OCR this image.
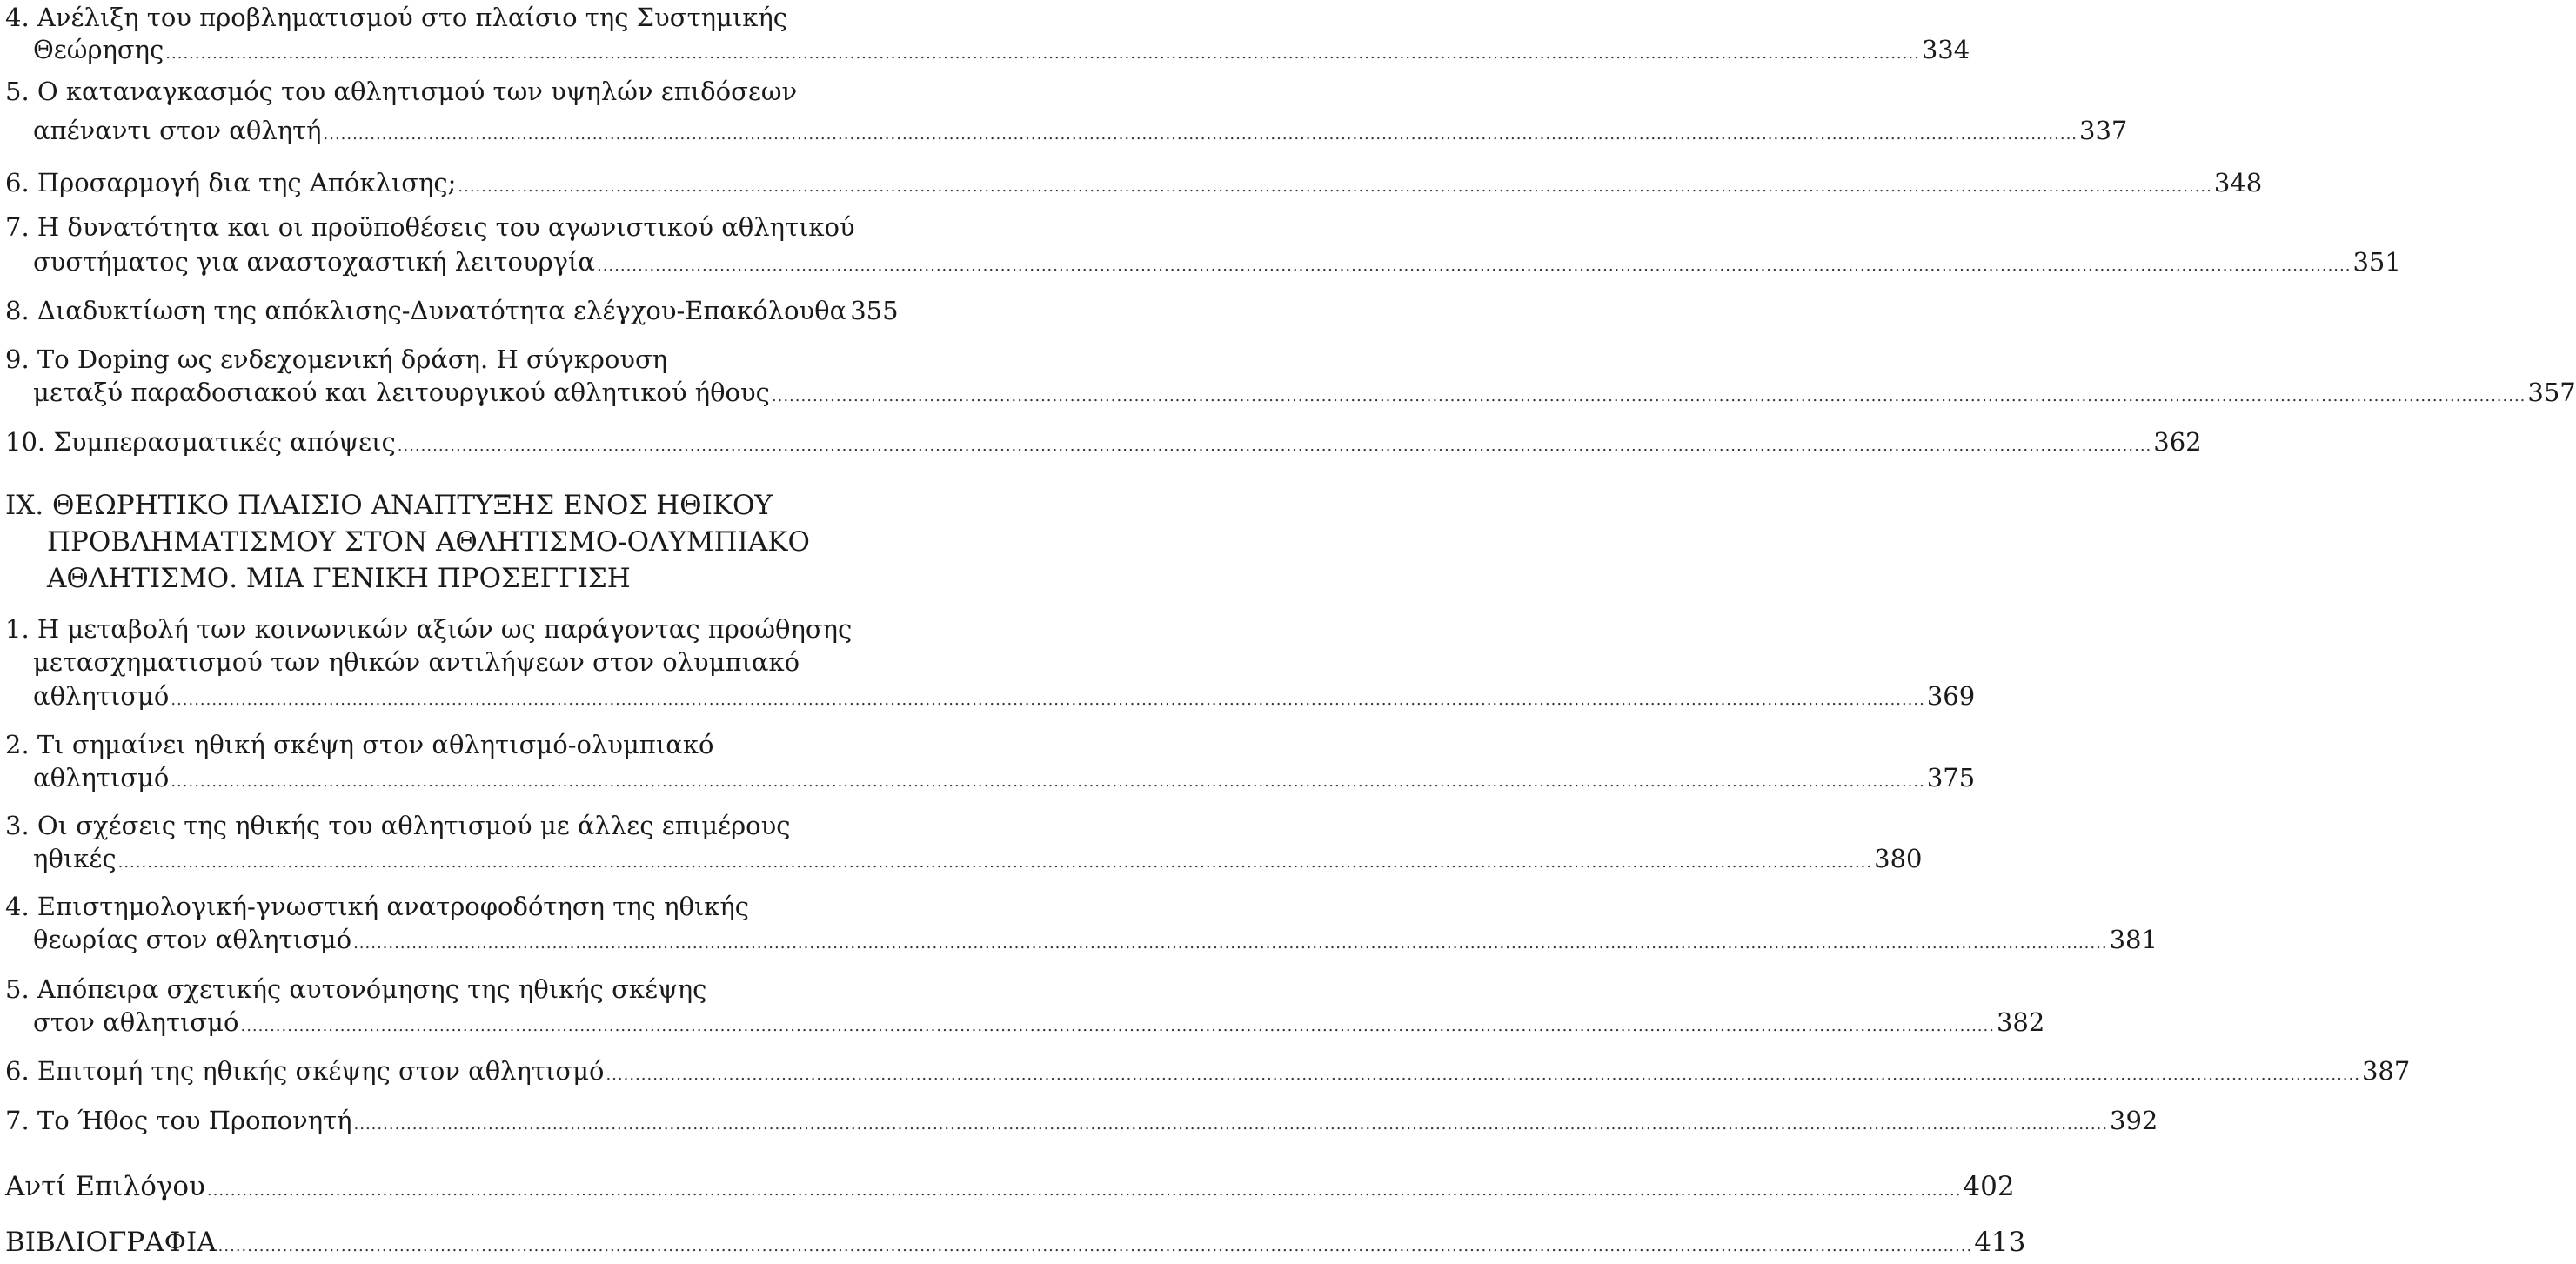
4. Ανέλιξη του προβληματισμού στο πλαίσιο της Συστημικής
Θεώρησης .....	334
5. Ο καταναγκασμός του αθλητισμού των υψηλών επιδόσεων
απέναντι στον αθλητή .....	337
6. Προσαρμογή δια της Απόκλισης; .....	348
7. Η δυνατότητα και οι προϋποθέσεις του αγωνιστικού αθλητικού
συστήματος για αναστοχαστική λειτουργία .....	351
8. Διαδυκτίωση της απόκλισης-Δυνατότητα ελέγχου-Επακόλουθα 355
9. Το Doping ως ενδεχομενική δράση. Η σύγκρουση
μεταξύ παραδοσιακού και λειτουργικού αθλητικού ήθους .....	357
10. Συμπερασματικές απόψεις .....	362
IX. ΘΕΩΡΗΤΙΚΟ ΠΛΑΙΣΙΟ ΑΝΑΠΤΥΞΗΣ ΕΝΟΣ ΗΘΙΚΟΥ
ΠΡΟΒΛΗΜΑΤΙΣΜΟΥ ΣΤΟΝ ΑΘΛΗΤΙΣΜΟ-ΟΛΥΜΠΙΑΚΟ
ΑΘΛΗΤΙΣΜΟ. ΜΙΑ ΓΕΝΙΚΗ ΠΡΟΣΕΓΓΙΣΗ
1. Η μεταβολή των κοινωνικών αξιών ως παράγοντας προώθησης
μετασχηματισμού των ηθικών αντιλήψεων στον ολυμπιακό
αθλητισμό .....	369
2. Τι σημαίνει ηθική σκέψη στον αθλητισμό-ολυμπιακό
αθλητισμό .....	375
3. Οι σχέσεις της ηθικής του αθλητισμού με άλλες επιμέρους
ηθικές .....	380
4. Επιστημολογική-γνωστική ανατροφοδότηση της ηθικής
θεωρίας στον αθλητισμό .....	381
5. Απόπειρα σχετικής αυτονόμησης της ηθικής σκέψης
στον αθλητισμό .....	382
6. Επιτομή της ηθικής σκέψης στον αθλητισμό .....	387
7. Το Ήθος του Προπονητή .....	392
Αντί Επιλόγου .....	402
ΒΙΒΛΙΟΓΡΑΦΙΑ .....	413
